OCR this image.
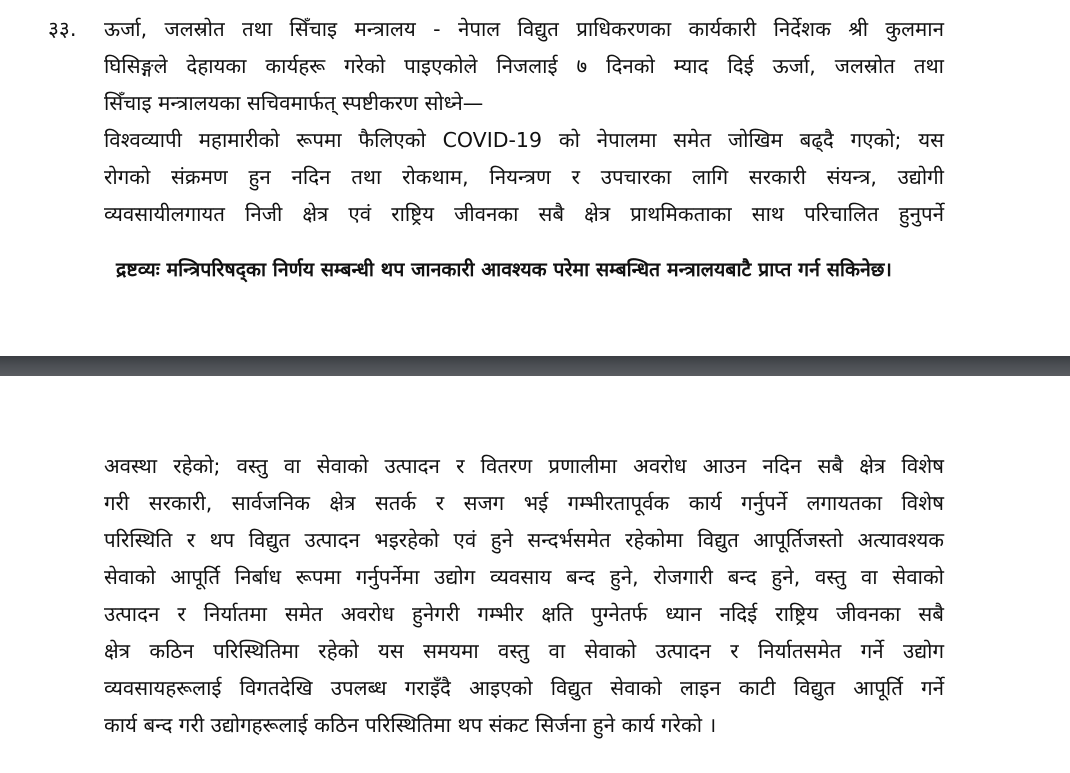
३३. ऊर्जा, जलस्रोत तथा सिँचाइ मन्त्रालय - नेपाल विद्युत प्राधिकरणका कार्यकारी निर्देशक श्री कुलमान
घिसिङ्गले देहायका कार्यहरू गरेको पाइएकोले निजलाई ७ दिनको म्याद दिई ऊर्जा, जलस्रोत तथा
सिँचाइ मन्त्रालयका सचिवमार्फत् स्पष्टीकरण सोध्ने—
विश्वव्यापी महामारीको रूपमा फैलिएको COVID-19 को नेपालमा समेत जोखिम बढ्दै गएको; यस
रोगको संक्रमण हुन नदिन तथा रोकथाम, नियन्त्रण र उपचारका लागि सरकारी संयन्त्र, उद्योगी
व्यवसायीलगायत निजी क्षेत्र एवं राष्ट्रिय जीवनका सबै क्षेत्र प्राथमिकताका साथ परिचालित हुनुपर्ने
द्रष्टव्यः मन्त्रिपरिषद्का निर्णय सम्बन्धी थप जानकारी आवश्यक परेमा सम्बन्धित मन्त्रालयबाटै प्राप्त गर्न सकिनेछ।
अवस्था रहेको; वस्तु वा सेवाको उत्पादन र वितरण प्रणालीमा अवरोध आउन नदिन सबै क्षेत्र विशेष
गरी सरकारी, सार्वजनिक क्षेत्र सतर्क र सजग भई गम्भीरतापूर्वक कार्य गर्नुपर्ने लगायतका विशेष
परिस्थिति र थप विद्युत उत्पादन भइरहेको एवं हुने सन्दर्भसमेत रहेकोमा विद्युत आपूर्तिजस्तो अत्यावश्यक
सेवाको आपूर्ति निर्बाध रूपमा गर्नुपर्नेमा उद्योग व्यवसाय बन्द हुने, रोजगारी बन्द हुने, वस्तु वा सेवाको
उत्पादन र निर्यातमा समेत अवरोध हुनेगरी गम्भीर क्षति पुग्नेतर्फ ध्यान नदिई राष्ट्रिय जीवनका सबै
क्षेत्र कठिन परिस्थितिमा रहेको यस समयमा वस्तु वा सेवाको उत्पादन र निर्यातसमेत गर्ने उद्योग
व्यवसायहरूलाई विगतदेखि उपलब्ध गराइँदै आइएको विद्युत सेवाको लाइन काटी विद्युत आपूर्ति गर्ने
कार्य बन्द गरी उद्योगहरूलाई कठिन परिस्थितिमा थप संकट सिर्जना हुने कार्य गरेको ।
